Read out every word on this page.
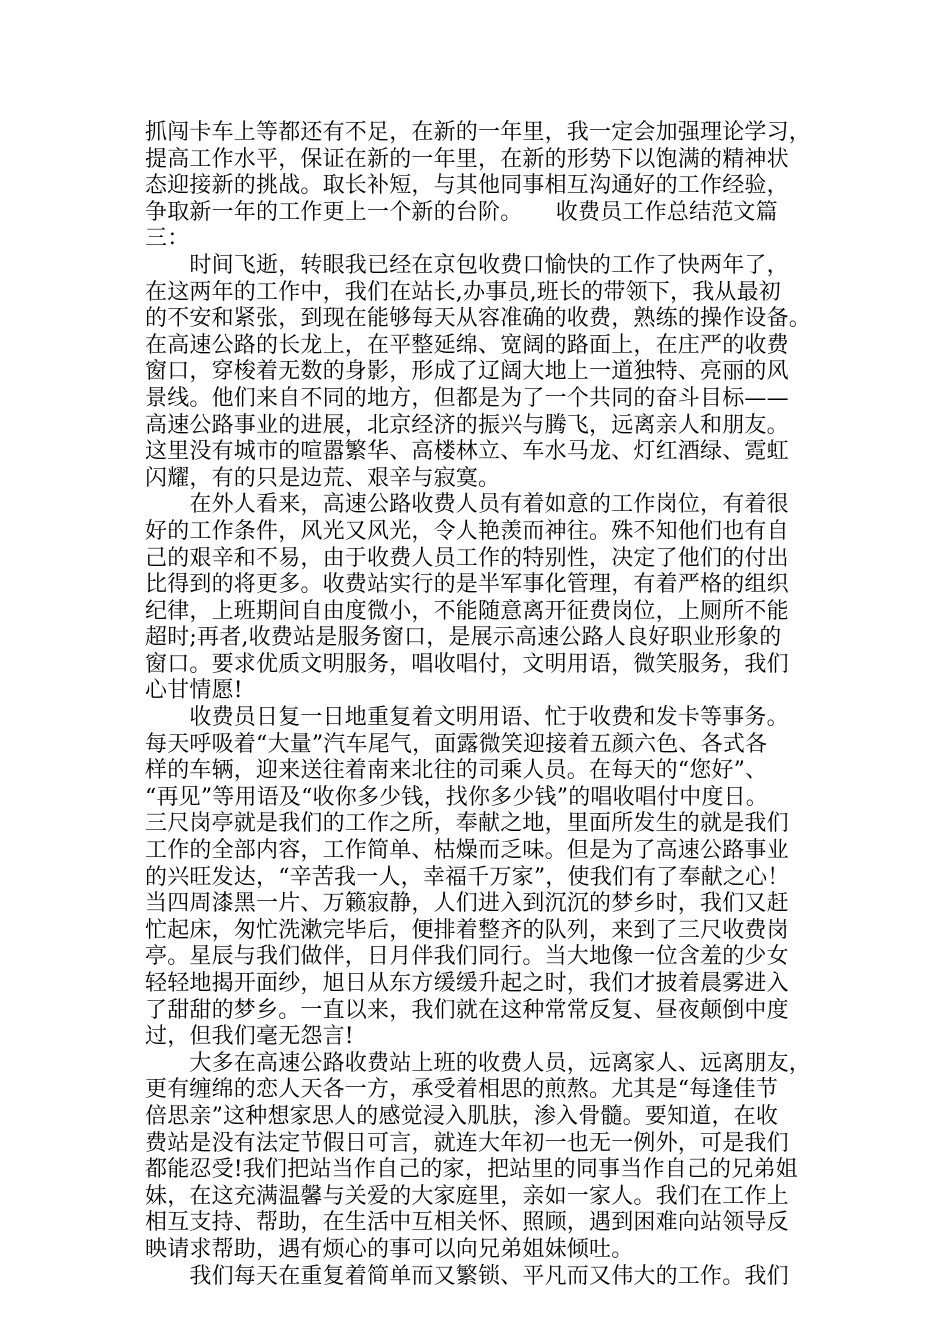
抓闯卡车上等都还有不足，在新的一年里，我一定会加强理论学习，
提高工作水平，保证在新的一年里，在新的形势下以饱满的精神状
态迎接新的挑战。取长补短，与其他同事相互沟通好的工作经验，
争取新一年的工作更上一个新的台阶。　　收费员工作总结范文篇
三：
　　时间飞逝，转眼我已经在京包收费口愉快的工作了快两年了，
在这两年的工作中，我们在站长,办事员,班长的带领下，我从最初
的不安和紧张，到现在能够每天从容准确的收费，熟练的操作设备。
在高速公路的长龙上，在平整延绵、宽阔的路面上，在庄严的收费
窗口，穿梭着无数的身影，形成了辽阔大地上一道独特、亮丽的风
景线。他们来自不同的地方，但都是为了一个共同的奋斗目标——
高速公路事业的进展，北京经济的振兴与腾飞，远离亲人和朋友。
这里没有城市的喧嚣繁华、高楼林立、车水马龙、灯红酒绿、霓虹
闪耀，有的只是边荒、艰辛与寂寞。
　　在外人看来，高速公路收费人员有着如意的工作岗位，有着很
好的工作条件，风光又风光，令人艳羡而神往。殊不知他们也有自
己的艰辛和不易，由于收费人员工作的特别性，决定了他们的付出
比得到的将更多。收费站实行的是半军事化管理，有着严格的组织
纪律，上班期间自由度微小，不能随意离开征费岗位，上厕所不能
超时;再者,收费站是服务窗口，是展示高速公路人良好职业形象的
窗口。要求优质文明服务，唱收唱付，文明用语，微笑服务，我们
心甘情愿!
　　收费员日复一日地重复着文明用语、忙于收费和发卡等事务。
每天呼吸着“大量”汽车尾气，面露微笑迎接着五颜六色、各式各
样的车辆，迎来送往着南来北往的司乘人员。在每天的“您好”、
“再见”等用语及“收你多少钱，找你多少钱”的唱收唱付中度日。
三尺岗亭就是我们的工作之所，奉献之地，里面所发生的就是我们
工作的全部内容，工作简单、枯燥而乏味。但是为了高速公路事业
的兴旺发达，“辛苦我一人，幸福千万家”，使我们有了奉献之心！
当四周漆黑一片、万籁寂静，人们进入到沉沉的梦乡时，我们又赶
忙起床，匆忙洗漱完毕后，便排着整齐的队列，来到了三尺收费岗
亭。星辰与我们做伴，日月伴我们同行。当大地像一位含羞的少女
轻轻地揭开面纱，旭日从东方缓缓升起之时，我们才披着晨雾进入
了甜甜的梦乡。一直以来，我们就在这种常常反复、昼夜颠倒中度
过，但我们毫无怨言!
　　大多在高速公路收费站上班的收费人员，远离家人、远离朋友，
更有缠绵的恋人天各一方，承受着相思的煎熬。尤其是“每逢佳节
倍思亲”这种想家思人的感觉浸入肌肤，渗入骨髓。要知道，在收
费站是没有法定节假日可言，就连大年初一也无一例外，可是我们
都能忍受!我们把站当作自己的家，把站里的同事当作自己的兄弟姐
妹，在这充满温馨与关爱的大家庭里，亲如一家人。我们在工作上
相互支持、帮助，在生活中互相关怀、照顾，遇到困难向站领导反
映请求帮助，遇有烦心的事可以向兄弟姐妹倾吐。
　　我们每天在重复着简单而又繁锁、平凡而又伟大的工作。我们
